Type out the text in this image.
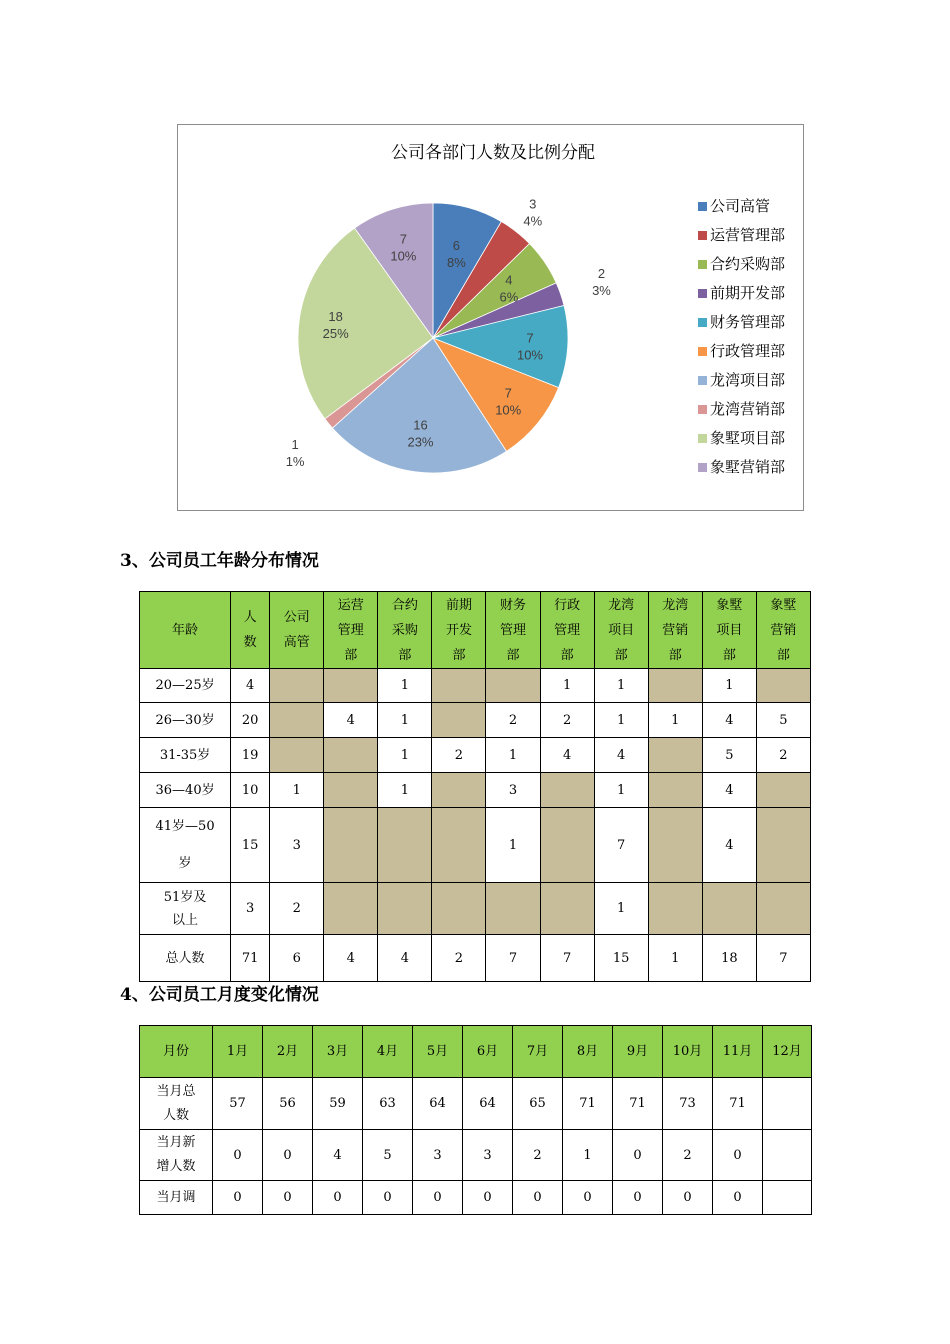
公司各部门人数及比例分配
6
8%
3
4%
4
6%
2
3%
7
10%
7
10%
16
23%
1
1%
18
25%
7
10%
公司高管
运营管理部
合约采购部
前期开发部
财务管理部
行政管理部
龙湾项目部
龙湾营销部
象墅项目部
象墅营销部
3、公司员工年龄分布情况
年龄	人数	公司高管	运营管理部	合约采购部	前期开发部	财务管理部	行政管理部	龙湾项目部	龙湾营销部	象墅项目部	象墅营销部
20—25岁	4			1			1	1		1	
26—30岁	20		4	1		2	2	1	1	4	5
31-35岁	19			1	2	1	4	4		5	2
36—40岁	10	1		1		3		1		4	
41岁—50岁	15	3				1		7		4	
51岁及以上	3	2						1			
总人数	71	6	4	4	2	7	7	15	1	18	7
4、公司员工月度变化情况
月份	1月	2月	3月	4月	5月	6月	7月	8月	9月	10月	11月	12月
当月总人数	57	56	59	63	64	64	65	71	71	73	71	
当月新增人数	0	0	4	5	3	3	2	1	0	2	0	
当月调	0	0	0	0	0	0	0	0	0	0	0	
